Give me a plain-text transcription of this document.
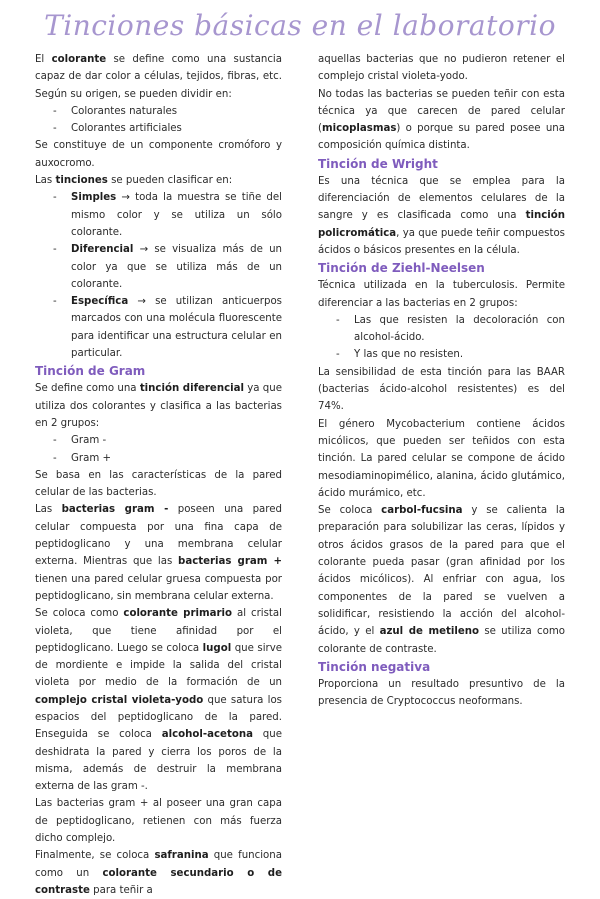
Tinciones básicas en el laboratorio

El colorante se define como una sustancia capaz de dar color a células, tejidos, fibras, etc. Según su origen, se pueden dividir en:

- Colorantes naturales
- Colorantes artificiales

Se constituye de un componente cromóforo y auxocromo.

Las tinciones se pueden clasificar en:

- Simples → toda la muestra se tiñe del mismo color y se utiliza un sólo colorante.
- Diferencial → se visualiza más de un color ya que se utiliza más de un colorante.
- Específica → se utilizan anticuerpos marcados con una molécula fluorescente para identificar una estructura celular en particular.
Tinción de Gram

Se define como una tinción diferencial ya que utiliza dos colorantes y clasifica a las bacterias en 2 grupos:

- Gram -
- Gram +

Se basa en las características de la pared celular de las bacterias.

Las bacterias gram - poseen una pared celular compuesta por una fina capa de peptidoglicano y una membrana celular externa. Mientras que las bacterias gram + tienen una pared celular gruesa compuesta por peptidoglicano, sin membrana celular externa.

Se coloca como colorante primario al cristal violeta, que tiene afinidad por el peptidoglicano. Luego se coloca lugol que sirve de mordiente e impide la salida del cristal violeta por medio de la formación de un complejo cristal violeta-yodo que satura los espacios del peptidoglicano de la pared. Enseguida se coloca alcohol-acetona que deshidrata la pared y cierra los poros de la misma, además de destruir la membrana externa de las gram -.

Las bacterias gram + al poseer una gran capa de peptidoglicano, retienen con más fuerza dicho complejo.

Finalmente, se coloca safranina que funciona como un colorante secundario o de contraste para teñir a

aquellas bacterias que no pudieron retener el complejo cristal violeta-yodo.

No todas las bacterias se pueden teñir con esta técnica ya que carecen de pared celular (micoplasmas) o porque su pared posee una composición química distinta.

Tinción de Wright

Es una técnica que se emplea para la diferenciación de elementos celulares de la sangre y es clasificada como una tinción policromática, ya que puede teñir compuestos ácidos o básicos presentes en la célula.

Tinción de Ziehl-Neelsen

Técnica utilizada en la tuberculosis. Permite diferenciar a las bacterias en 2 grupos:

- Las que resisten la decoloración con alcohol-ácido.
- Y las que no resisten.

La sensibilidad de esta tinción para las BAAR (bacterias ácido-alcohol resistentes) es del 74%.

El género Mycobacterium contiene ácidos micólicos, que pueden ser teñidos con esta tinción. La pared celular se compone de ácido mesodiaminopimélico, alanina, ácido glutámico, ácido murámico, etc.

Se coloca carbol-fucsina y se calienta la preparación para solubilizar las ceras, lípidos y otros ácidos grasos de la pared para que el colorante pueda pasar (gran afinidad por los ácidos micólicos). Al enfriar con agua, los componentes de la pared se vuelven a solidificar, resistiendo la acción del alcohol-ácido, y el azul de metileno se utiliza como colorante de contraste.

Tinción negativa

Proporciona un resultado presuntivo de la presencia de Cryptococcus neoformans.
